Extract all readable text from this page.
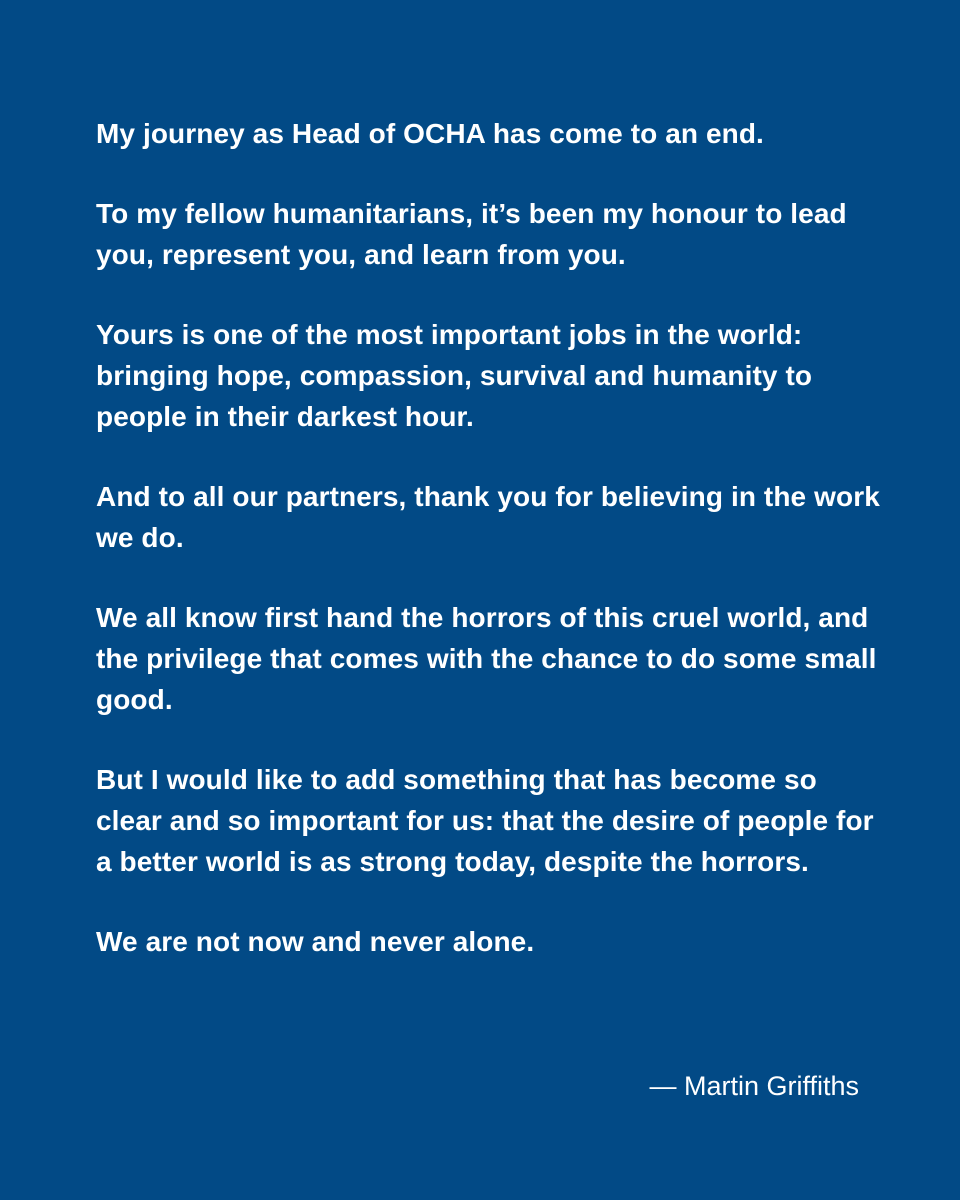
My journey as Head of OCHA has come to an end.

To my fellow humanitarians, it’s been my honour to lead you, represent you, and learn from you.

Yours is one of the most important jobs in the world: bringing hope, compassion, survival and humanity to people in their darkest hour.

And to all our partners, thank you for believing in the work we do.

We all know first hand the horrors of this cruel world, and the privilege that comes with the chance to do some small good.

But I would like to add something that has become so clear and so important for us: that the desire of people for a better world is as strong today, despite the horrors.

We are not now and never alone.

— Martin Griffiths
